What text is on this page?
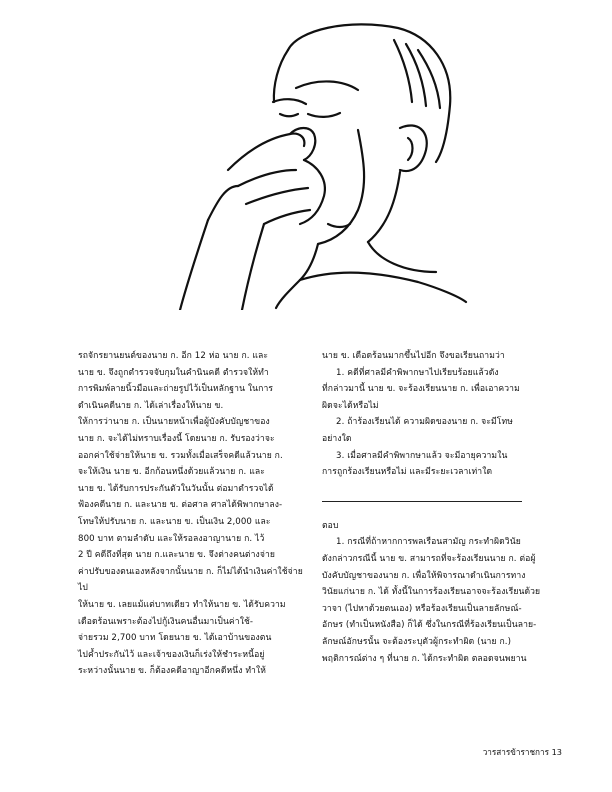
รถจักรยานยนต์ของนาย ก. อีก 12 ห่อ นาย ก. และ

นาย ข. จึงถูกตำรวจจับกุมในคำนินคดี ตำรวจให้ทำ

การพิมพ์ลายนิ้วมือและถ่ายรูปไว้เป็นหลักฐาน ในการ

ดำเนินคดีนาย ก. ได้เล่าเรื่องให้นาย ข.

ให้การว่านาย ก. เป็นนายหน้าเพื่อผู้บังคับบัญชาของ

นาย ก. จะได้ไม่ทราบเรื่องนี้ โดยนาย ก. รับรองว่าจะ

ออกค่าใช้จ่ายให้นาย ข. รวมทั้งเมื่อเสร็จคดีแล้วนาย ก.

จะให้เงิน นาย ข. อีกก้อนหนึ่งด้วยแล้วนาย ก. และ

นาย ข. ได้รับการประกันตัวในวันนั้น ต่อมาตำรวจได้

ฟ้องคดีนาย ก. และนาย ข. ต่อศาล ศาลได้พิพากษาลง-

โทษให้ปรับนาย ก. และนาย ข. เป็นเงิน 2,000 และ

800 บาท ตามลำดับ และให้รอลงอาญานาย ก. ไว้

2 ปี คดีถึงที่สุด นาย ก.และนาย ข. จึงต่างคนต่างจ่าย

ค่าปรับของตนเองหลังจากนั้นนาย ก. ก็ไม่ได้นำเงินค่าใช้จ่ายไป

ให้นาย ข. เลยแม้แต่บาทเดียว ทำให้นาย ข. ได้รับความ

เดือดร้อนเพราะต้องไปกู้เงินคนอื่นมาเป็นค่าใช้-

จ่ายรวม 2,700 บาท โดยนาย ข. ได้เอาบ้านของตน

ไปค้ำประกันไว้ และเจ้าของเงินก็เร่งให้ชำระหนี้อยู่

ระหว่างนั้นนาย ข. ก็ต้องคดีอาญาอีกคดีหนึ่ง ทำให้

นาย ข. เดือดร้อนมากขึ้นไปอีก จึงขอเรียนถามว่า

1. คดีที่ศาลมีคำพิพากษาไปเรียบร้อยแล้วดัง

ที่กล่าวมานี้ นาย ข. จะร้องเรียนนาย ก. เพื่อเอาความ

ผิดจะได้หรือไม่

2. ถ้าร้องเรียนได้ ความผิดของนาย ก. จะมีโทษ

อย่างใด

3. เมื่อศาลมีคำพิพากษาแล้ว จะมีอายุความใน

การถูกร้องเรียนหรือไม่ และมีระยะเวลาเท่าใด

ตอบ

1. กรณีที่ถ้าหากการพลเรือนสามัญ กระทำผิดวินัย

ดังกล่าวกรณีนี้ นาย ข. สามารถที่จะร้องเรียนนาย ก. ต่อผู้

บังคับบัญชาของนาย ก. เพื่อให้พิจารณาดำเนินการทาง

วินัยแก่นาย ก. ได้ ทั้งนี้ในการร้องเรียนอาจจะร้องเรียนด้วย

วาจา (ไปหาด้วยตนเอง) หรือร้องเรียนเป็นลายลักษณ์-

อักษร (ทำเป็นหนังสือ) ก็ได้ ซึ่งในกรณีที่ร้องเรียนเป็นลาย-

ลักษณ์อักษรนั้น จะต้องระบุตัวผู้กระทำผิด (นาย ก.)

พฤติการณ์ต่าง ๆ ที่นาย ก. ได้กระทำผิด ตลอดจนพยาน

วารสารข้าราชการ 13
